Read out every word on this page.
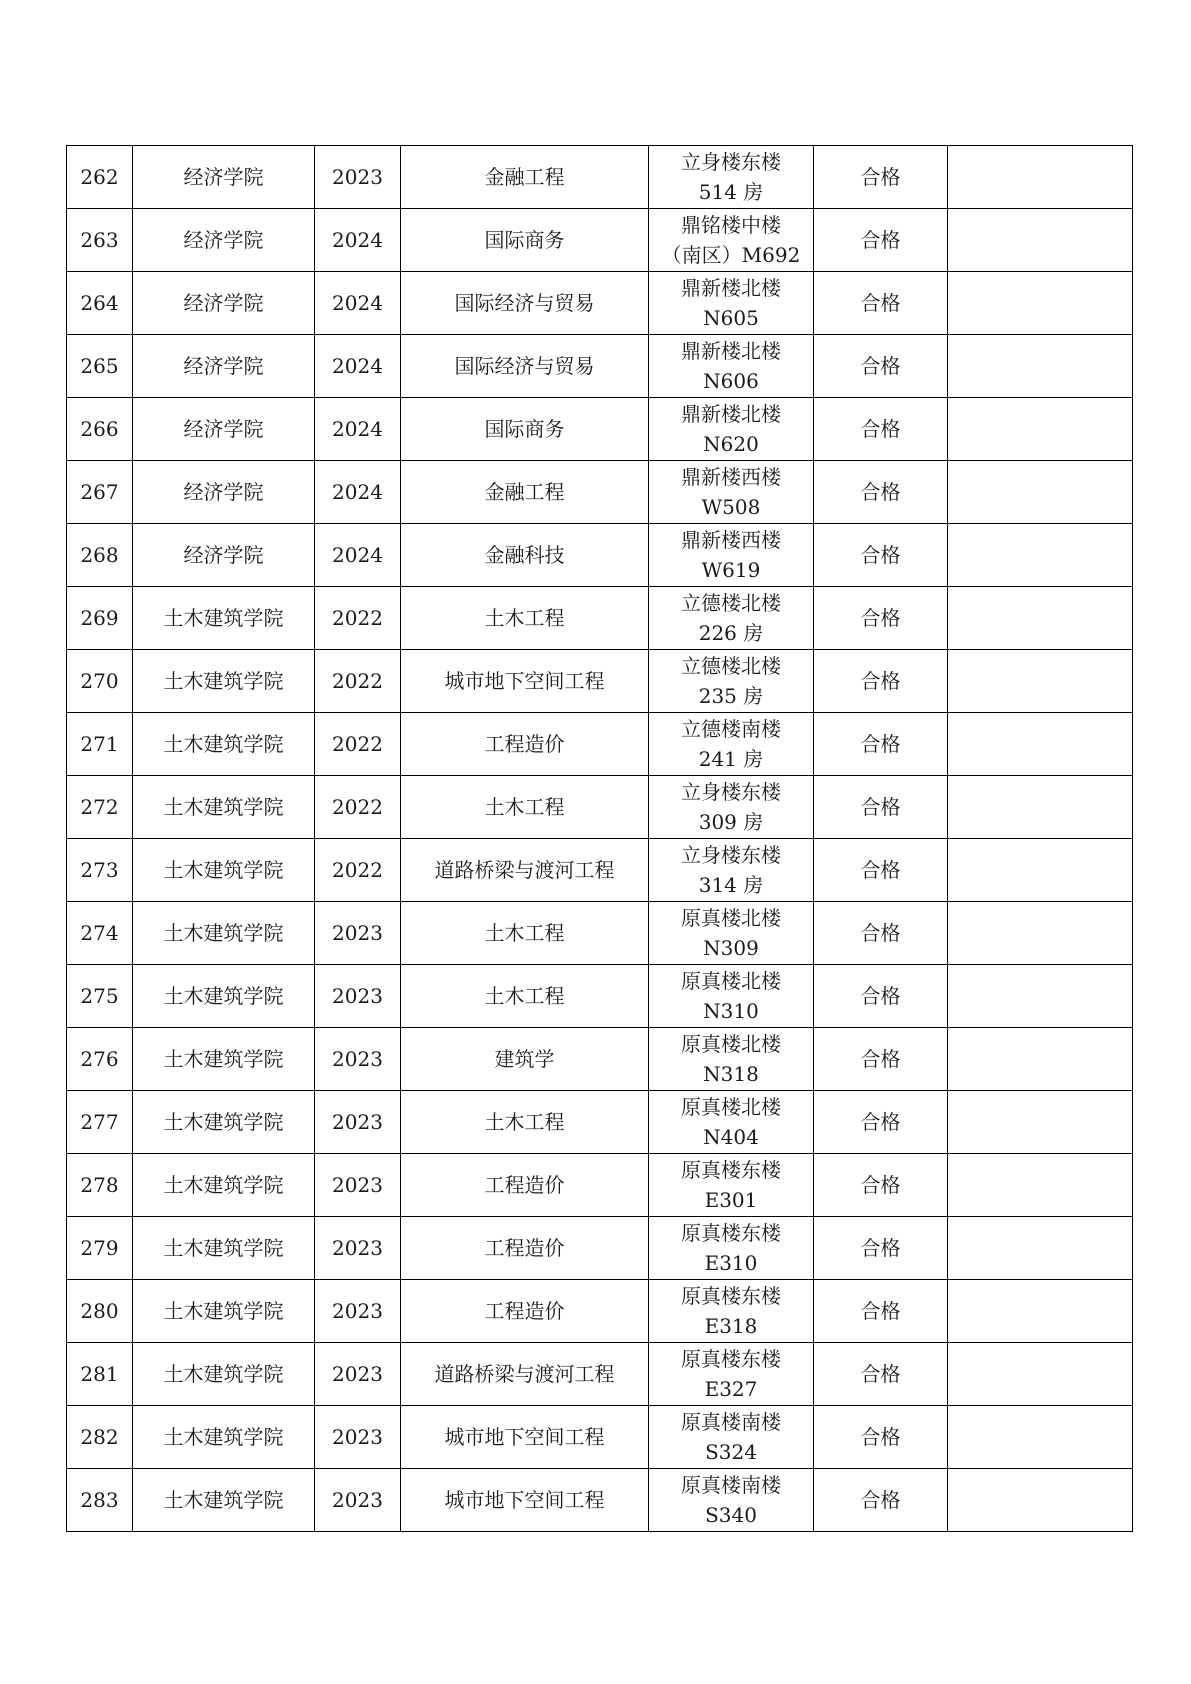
262	经济学院	2023	金融工程	立身楼东楼
514 房	合格	
263	经济学院	2024	国际商务	鼎铭楼中楼
（南区）M692	合格	
264	经济学院	2024	国际经济与贸易	鼎新楼北楼
N605	合格	
265	经济学院	2024	国际经济与贸易	鼎新楼北楼
N606	合格	
266	经济学院	2024	国际商务	鼎新楼北楼
N620	合格	
267	经济学院	2024	金融工程	鼎新楼西楼
W508	合格	
268	经济学院	2024	金融科技	鼎新楼西楼
W619	合格	
269	土木建筑学院	2022	土木工程	立德楼北楼
226 房	合格	
270	土木建筑学院	2022	城市地下空间工程	立德楼北楼
235 房	合格	
271	土木建筑学院	2022	工程造价	立德楼南楼
241 房	合格	
272	土木建筑学院	2022	土木工程	立身楼东楼
309 房	合格	
273	土木建筑学院	2022	道路桥梁与渡河工程	立身楼东楼
314 房	合格	
274	土木建筑学院	2023	土木工程	原真楼北楼
N309	合格	
275	土木建筑学院	2023	土木工程	原真楼北楼
N310	合格	
276	土木建筑学院	2023	建筑学	原真楼北楼
N318	合格	
277	土木建筑学院	2023	土木工程	原真楼北楼
N404	合格	
278	土木建筑学院	2023	工程造价	原真楼东楼
E301	合格	
279	土木建筑学院	2023	工程造价	原真楼东楼
E310	合格	
280	土木建筑学院	2023	工程造价	原真楼东楼
E318	合格	
281	土木建筑学院	2023	道路桥梁与渡河工程	原真楼东楼
E327	合格	
282	土木建筑学院	2023	城市地下空间工程	原真楼南楼
S324	合格	
283	土木建筑学院	2023	城市地下空间工程	原真楼南楼
S340	合格	
